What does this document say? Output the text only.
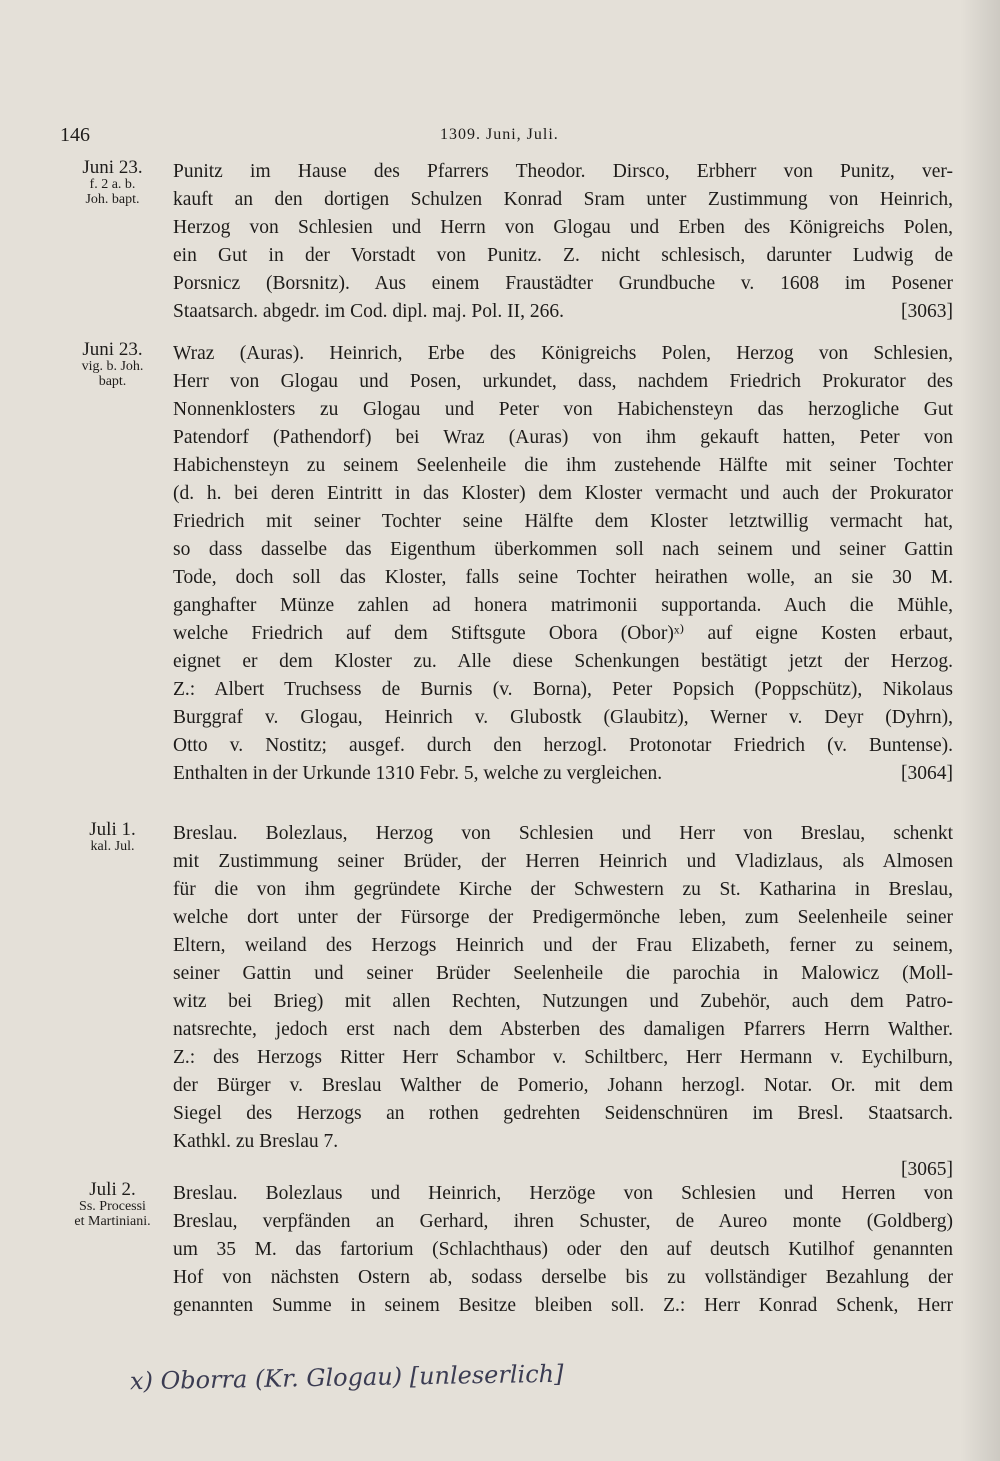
146	1309. Juni, Juli.
Juni 23.
f. 2 a. b.
Joh. bapt.
Punitz im Hause des Pfarrers Theodor. Dirsco, Erbherr von Punitz, ver-
kauft an den dortigen Schulzen Konrad Sram unter Zustimmung von Heinrich,
Herzog von Schlesien und Herrn von Glogau und Erben des Königreichs Polen,
ein Gut in der Vorstadt von Punitz. Z. nicht schlesisch, darunter Ludwig de
Porsnicz (Borsnitz). Aus einem Fraustädter Grundbuche v. 1608 im Posener
Staatsarch. abgedr. im Cod. dipl. maj. Pol. II, 266.	[3063]
Juni 23.
vig. b. Joh.
bapt.
Wraz (Auras). Heinrich, Erbe des Königreichs Polen, Herzog von Schlesien,
Herr von Glogau und Posen, urkundet, dass, nachdem Friedrich Prokurator des
Nonnenklosters zu Glogau und Peter von Habichensteyn das herzogliche Gut
Patendorf (Pathendorf) bei Wraz (Auras) von ihm gekauft hatten, Peter von
Habichensteyn zu seinem Seelenheile die ihm zustehende Hälfte mit seiner Tochter
(d. h. bei deren Eintritt in das Kloster) dem Kloster vermacht und auch der Prokurator
Friedrich mit seiner Tochter seine Hälfte dem Kloster letztwillig vermacht hat,
so dass dasselbe das Eigenthum überkommen soll nach seinem und seiner Gattin
Tode, doch soll das Kloster, falls seine Tochter heirathen wolle, an sie 30 M.
ganghafter Münze zahlen ad honera matrimonii supportanda. Auch die Mühle,
welche Friedrich auf dem Stiftsgute Obora (Obor)ˣ⁾ auf eigne Kosten erbaut,
eignet er dem Kloster zu. Alle diese Schenkungen bestätigt jetzt der Herzog.
Z.: Albert Truchsess de Burnis (v. Borna), Peter Popsich (Poppschütz), Nikolaus
Burggraf v. Glogau, Heinrich v. Glubostk (Glaubitz), Werner v. Deyr (Dyhrn),
Otto v. Nostitz; ausgef. durch den herzogl. Protonotar Friedrich (v. Buntense).
Enthalten in der Urkunde 1310 Febr. 5, welche zu vergleichen.	[3064]
Juli 1.
kal. Jul.
Breslau. Bolezlaus, Herzog von Schlesien und Herr von Breslau, schenkt
mit Zustimmung seiner Brüder, der Herren Heinrich und Vladizlaus, als Almosen
für die von ihm gegründete Kirche der Schwestern zu St. Katharina in Breslau,
welche dort unter der Fürsorge der Predigermönche leben, zum Seelenheile seiner
Eltern, weiland des Herzogs Heinrich und der Frau Elizabeth, ferner zu seinem,
seiner Gattin und seiner Brüder Seelenheile die parochia in Malowicz (Moll-
witz bei Brieg) mit allen Rechten, Nutzungen und Zubehör, auch dem Patro-
natsrechte, jedoch erst nach dem Absterben des damaligen Pfarrers Herrn Walther.
Z.: des Herzogs Ritter Herr Schambor v. Schiltberc, Herr Hermann v. Eychilburn,
der Bürger v. Breslau Walther de Pomerio, Johann herzogl. Notar. Or. mit dem
Siegel des Herzogs an rothen gedrehten Seidenschnüren im Bresl. Staatsarch.
Kathkl. zu Breslau 7.
[3065]
Juli 2.
Ss. Processi
et Martiniani.
Breslau. Bolezlaus und Heinrich, Herzöge von Schlesien und Herren von
Breslau, verpfänden an Gerhard, ihren Schuster, de Aureo monte (Goldberg)
um 35 M. das fartorium (Schlachthaus) oder den auf deutsch Kutilhof genannten
Hof von nächsten Ostern ab, sodass derselbe bis zu vollständiger Bezahlung der
genannten Summe in seinem Besitze bleiben soll. Z.: Herr Konrad Schenk, Herr
x) Oborra (Kr. Glogau) [unleserlich]
